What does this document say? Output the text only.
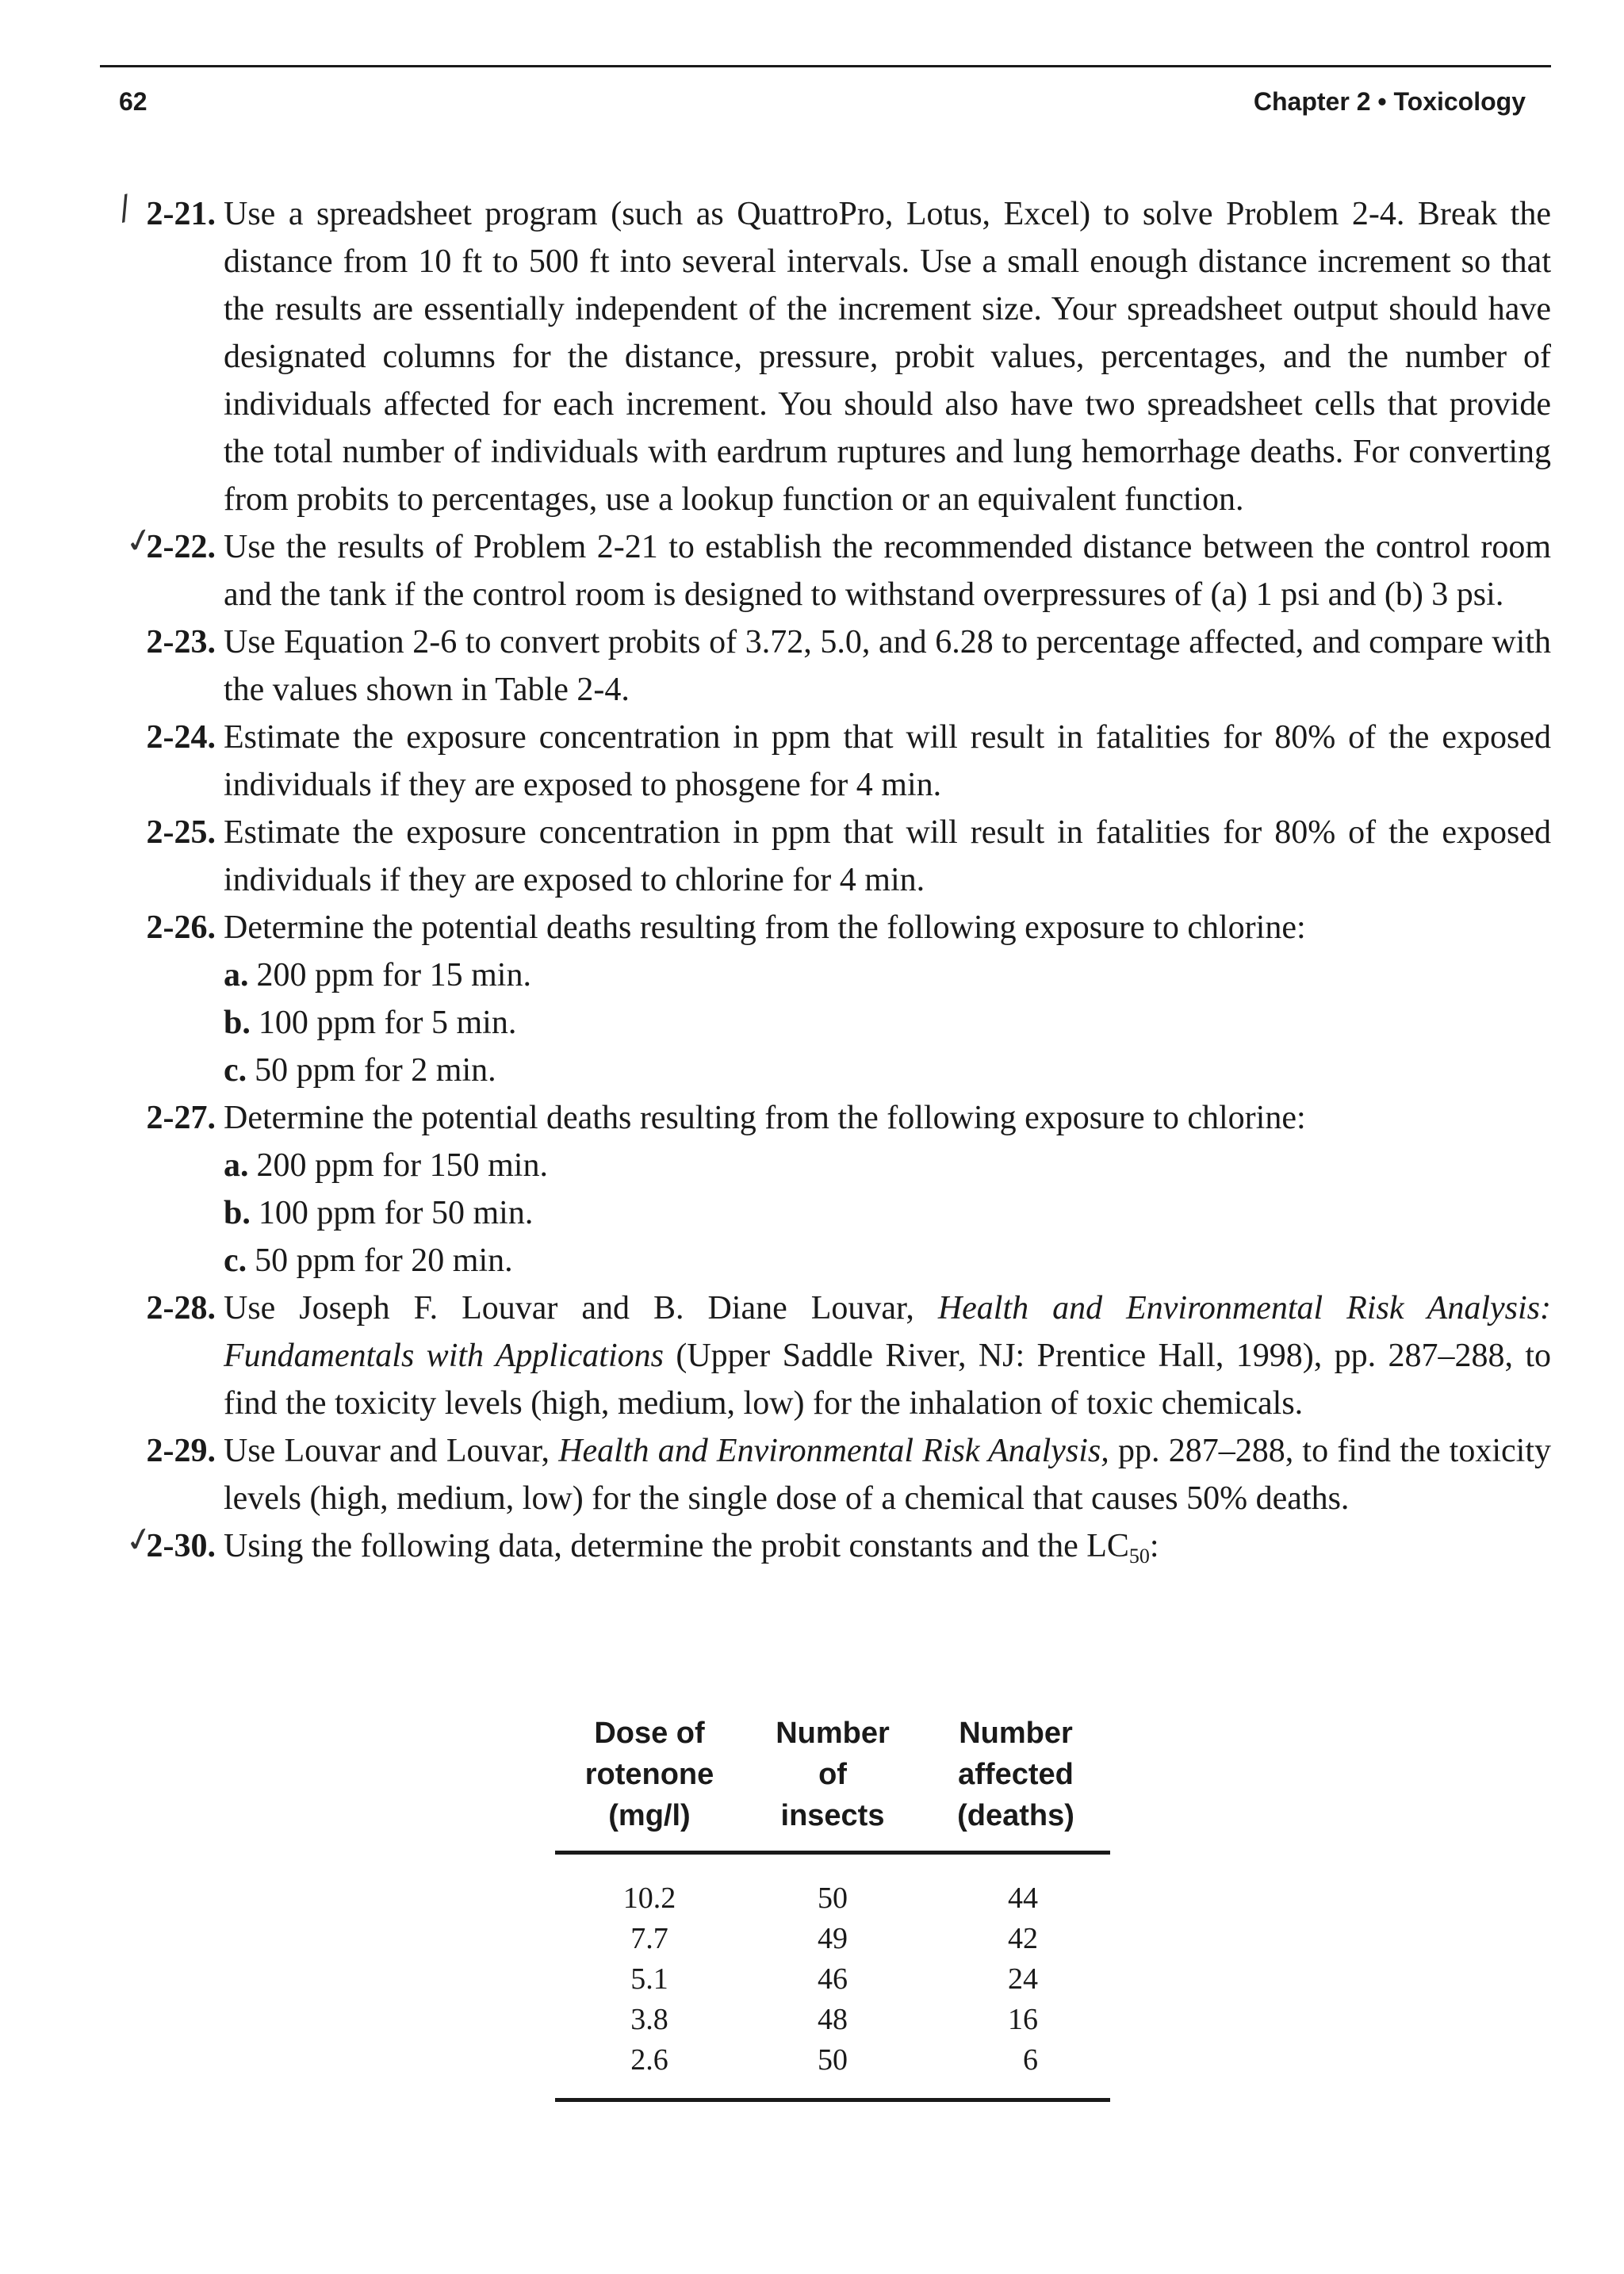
62	Chapter 2 • Toxicology
/ 2-21. Use a spreadsheet program (such as QuattroPro, Lotus, Excel) to solve Problem 2-4. Break the distance from 10 ft to 500 ft into several intervals. Use a small enough distance increment so that the results are essentially independent of the increment size. Your spreadsheet output should have designated columns for the distance, pressure, probit values, percentages, and the number of individuals affected for each increment. You should also have two spreadsheet cells that provide the total number of individuals with eardrum ruptures and lung hemorrhage deaths. For converting from probits to percentages, use a lookup function or an equivalent function.
✓
2-22. Use the results of Problem 2-21 to establish the recommended distance between the control room and the tank if the control room is designed to withstand overpressures of (a) 1 psi and (b) 3 psi.
2-23. Use Equation 2-6 to convert probits of 3.72, 5.0, and 6.28 to percentage affected, and compare with the values shown in Table 2-4.
2-24. Estimate the exposure concentration in ppm that will result in fatalities for 80% of the exposed individuals if they are exposed to phosgene for 4 min.
2-25. Estimate the exposure concentration in ppm that will result in fatalities for 80% of the exposed individuals if they are exposed to chlorine for 4 min.
2-26. Determine the potential deaths resulting from the following exposure to chlorine:
a. 200 ppm for 15 min.
b. 100 ppm for 5 min.
c. 50 ppm for 2 min.
2-27. Determine the potential deaths resulting from the following exposure to chlorine:
a. 200 ppm for 150 min.
b. 100 ppm for 50 min.
c. 50 ppm for 20 min.
2-28. Use Joseph F. Louvar and B. Diane Louvar, Health and Environmental Risk Analysis: Fundamentals with Applications (Upper Saddle River, NJ: Prentice Hall, 1998), pp. 287–288, to find the toxicity levels (high, medium, low) for the inhalation of toxic chemicals.
2-29. Use Louvar and Louvar, Health and Environmental Risk Analysis, pp. 287–288, to find the toxicity levels (high, medium, low) for the single dose of a chemical that causes 50% deaths.
✓
2-30. Using the following data, determine the probit constants and the LC50:
Dose of
rotenone
(mg/l)	Number
of
insects	Number
affected
(deaths)

10.2	50	44
7.7	49	42
5.1	46	24
3.8	48	16
2.6	50	6
